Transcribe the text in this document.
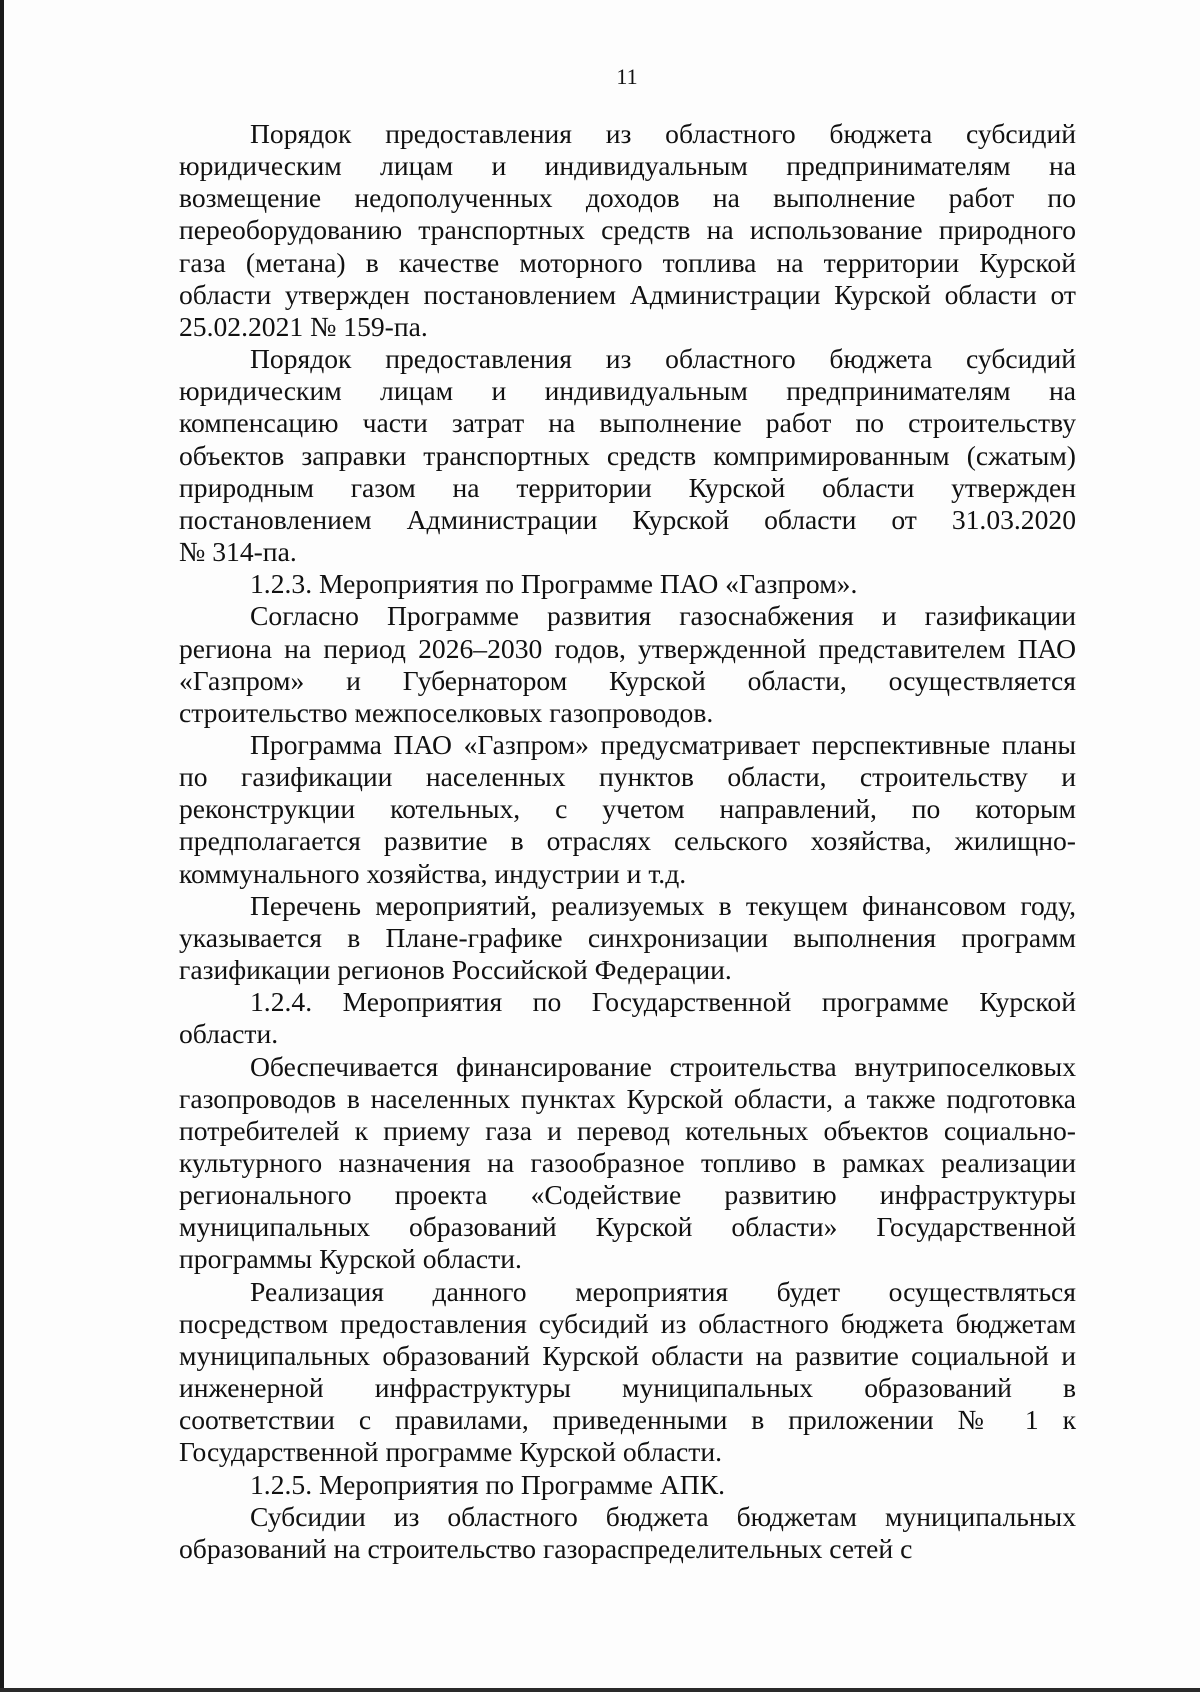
11

Порядок предоставления из областного бюджета субсидий
юридическим лицам и индивидуальным предпринимателям на
возмещение недополученных доходов на выполнение работ по
переоборудованию транспортных средств на использование природного
газа (метана) в качестве моторного топлива на территории Курской
области утвержден постановлением Администрации Курской области от
25.02.2021 № 159-па.

Порядок предоставления из областного бюджета субсидий
юридическим лицам и индивидуальным предпринимателям на
компенсацию части затрат на выполнение работ по строительству
объектов заправки транспортных средств компримированным (сжатым)
природным газом на территории Курской области утвержден
постановлением Администрации Курской области от 31.03.2020
№ 314-па.

1.2.3. Мероприятия по Программе ПАО «Газпром».

Согласно Программе развития газоснабжения и газификации
региона на период 2026–2030 годов, утвержденной представителем ПАО
«Газпром» и Губернатором Курской области, осуществляется
строительство межпоселковых газопроводов.

Программа ПАО «Газпром» предусматривает перспективные планы
по газификации населенных пунктов области, строительству и
реконструкции котельных, с учетом направлений, по которым
предполагается развитие в отраслях сельского хозяйства, жилищно-
коммунального хозяйства, индустрии и т.д.

Перечень мероприятий, реализуемых в текущем финансовом году,
указывается в Плане-графике синхронизации выполнения программ
газификации регионов Российской Федерации.

1.2.4. Мероприятия по Государственной программе Курской
области.

Обеспечивается финансирование строительства внутрипоселковых
газопроводов в населенных пунктах Курской области, а также подготовка
потребителей к приему газа и перевод котельных объектов социально-
культурного назначения на газообразное топливо в рамках реализации
регионального проекта «Содействие развитию инфраструктуры
муниципальных образований Курской области» Государственной
программы Курской области.

Реализация данного мероприятия будет осуществляться
посредством предоставления субсидий из областного бюджета бюджетам
муниципальных образований Курской области на развитие социальной и
инженерной инфраструктуры муниципальных образований в
соответствии с правилами, приведенными в приложении № 1 к
Государственной программе Курской области.

1.2.5. Мероприятия по Программе АПК.

Субсидии из областного бюджета бюджетам муниципальных
образований на строительство газораспределительных сетей с
